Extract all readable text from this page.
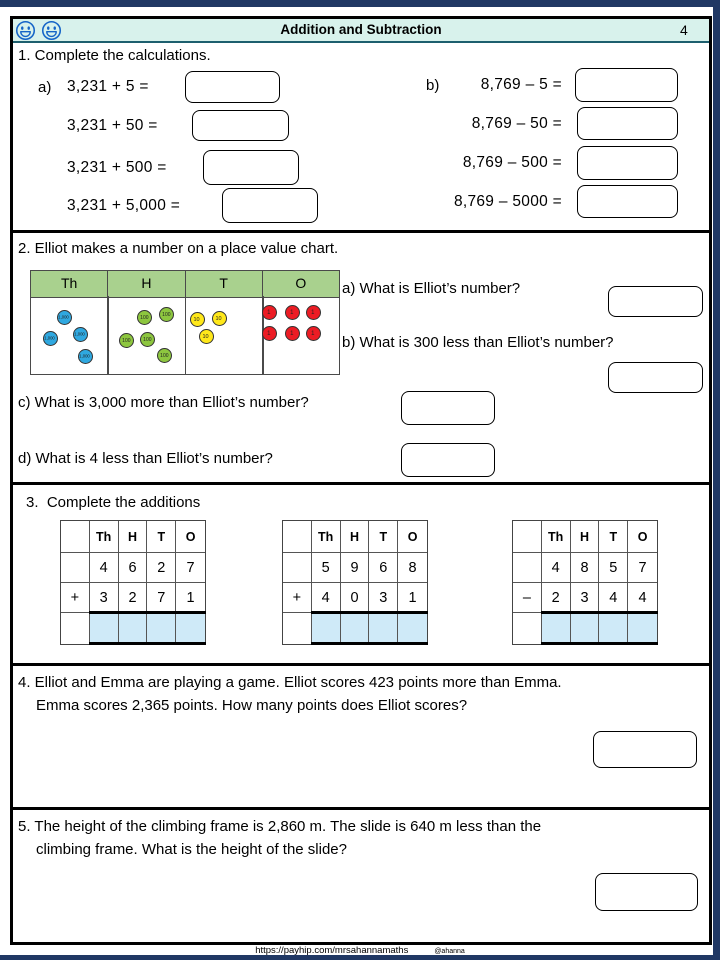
Addition and Subtraction	4
1. Complete the calculations.
a)	b)
3,231 + 5 =
3,231 + 50 =
3,231 + 500 =
3,231 + 5,000 =
8,769 – 5 =
8,769 – 50 =
8,769 – 500 =
8,769 – 5000 =
2. Elliot makes a number on a place value chart.
Th	H	T	O
1,000
1,000
1,000
1,000
100
100
100 100
100
10 10
10
1 1 1
1 1 1
a) What is Elliot’s number?
b) What is 300 less than Elliot’s number?
c) What is 3,000 more than Elliot’s number?
d) What is 4 less than Elliot’s number?
3.  Complete the additions
Th	H	T	O
4	6	2	7
+	3	2	7	1
Th	H	T	O
5	9	6	8
+	4	0	3	1
Th	H	T	O
4	8	5	7
–	2	3	4	4
4. Elliot and Emma are playing a game. Elliot scores 423 points more than Emma.
Emma scores 2,365 points. How many points does Elliot scores?
5. The height of the climbing frame is 2,860 m. The slide is 640 m less than the
climbing frame. What is the height of the slide?
https://payhip.com/mrsahannamaths	@ahanna
